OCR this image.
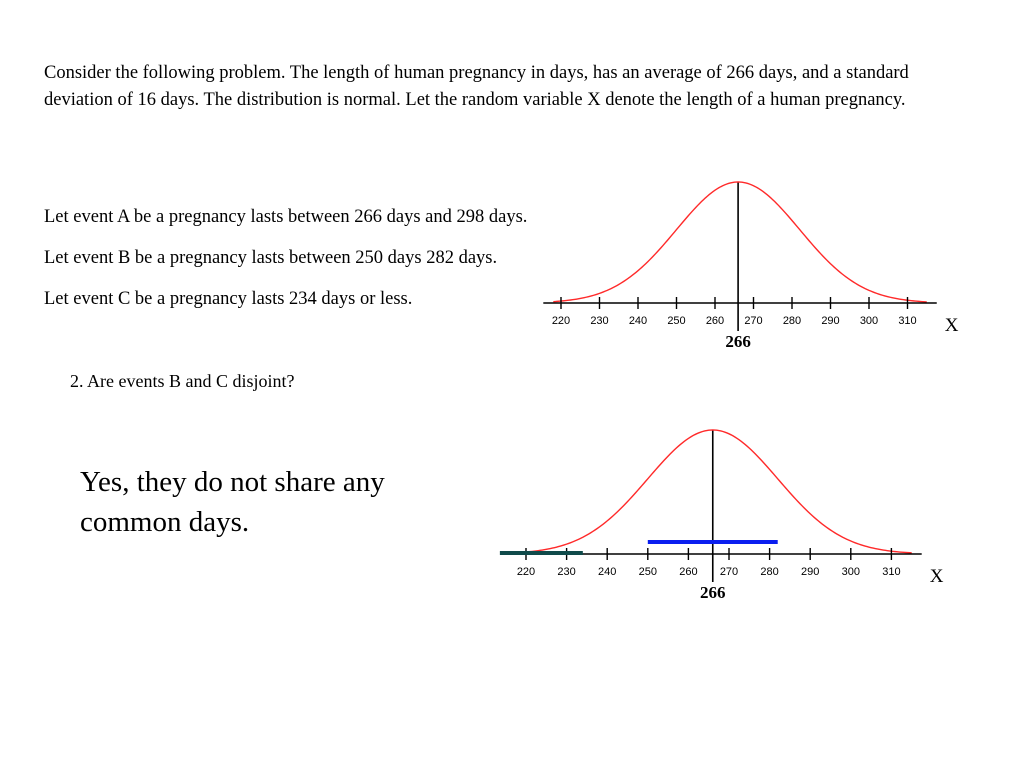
Consider the following problem. The length of human pregnancy in days, has an average of 266 days, and a standard deviation of 16 days. The distribution is normal. Let the random variable X denote the length of a human pregnancy.

Let event A be a pregnancy lasts between 266 days and 298 days.

Let event B be a pregnancy lasts between 250 days 282 days.

Let event C be a pregnancy lasts 234 days or less.

220 230 240 250 260 270 280 290 300 310 X
266

2. Are events B and C disjoint?

Yes, they do not share any common days.

220 230 240 250 260 270 280 290 300 310 X
266
